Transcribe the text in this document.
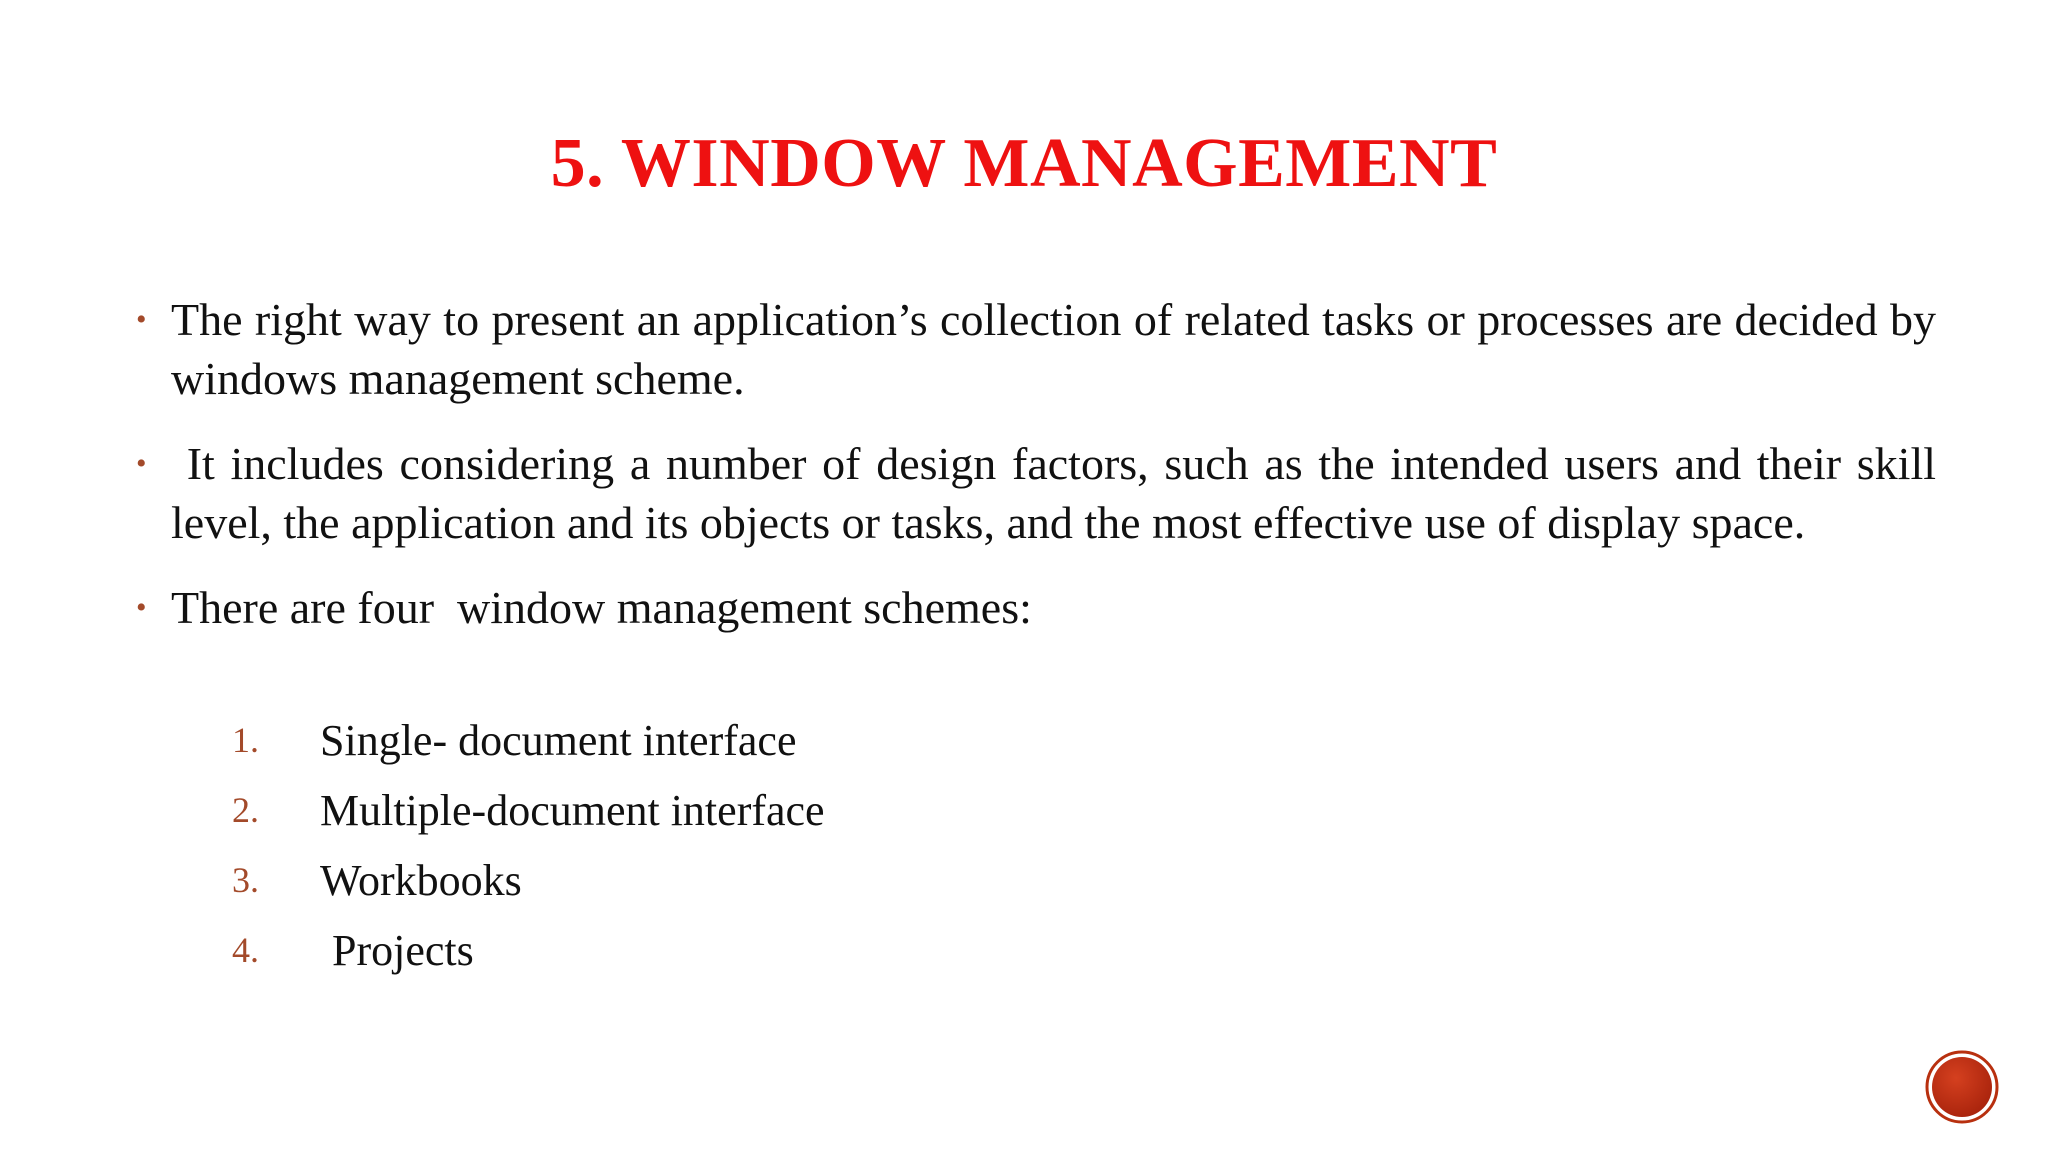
5. WINDOW MANAGEMENT
• The right way to present an application’s collection of related tasks or processes are decided by windows management scheme.
• It includes considering a number of design factors, such as the intended users and their skill level, the application and its objects or tasks, and the most effective use of display space.
• There are four  window management schemes:
1.	Single- document interface
2.	Multiple-document interface
3.	Workbooks
4.	Projects
